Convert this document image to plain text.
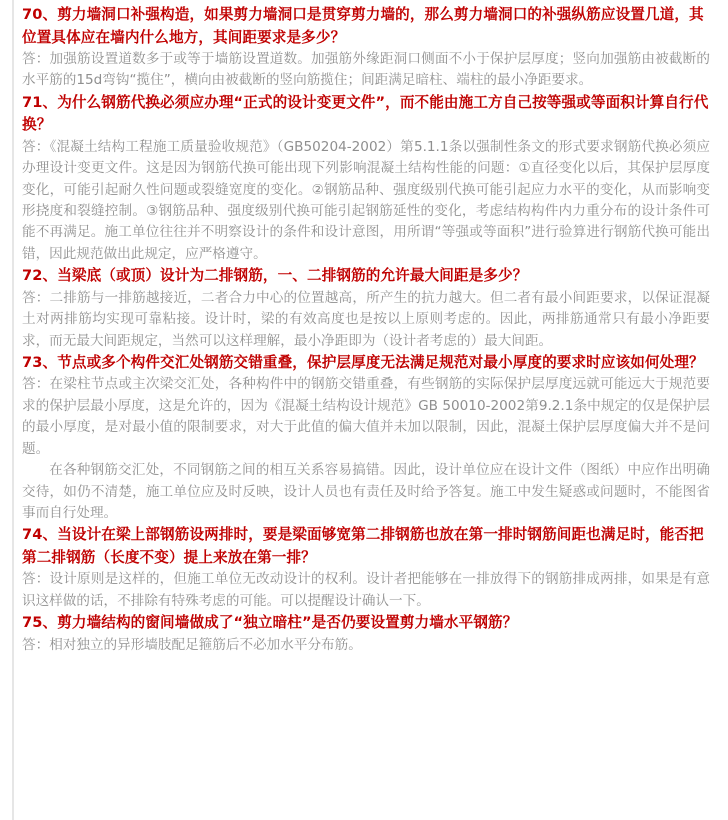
70、剪力墙洞口补强构造，如果剪力墙洞口是贯穿剪力墙的，那么剪力墙洞口的补强纵筋应设置几道，其位置具体应在墙内什么地方，其间距要求是多少？

答：加强筋设置道数多于或等于墙筋设置道数。加强筋外缘距洞口侧面不小于保护层厚度；竖向加强筋由被截断的水平筋的15d弯钩“揽住”，横向由被截断的竖向筋揽住；间距满足暗柱、端柱的最小净距要求。

71、为什么钢筋代换必须应办理“正式的设计变更文件”，而不能由施工方自己按等强或等面积计算自行代换？

答：《混凝土结构工程施工质量验收规范》（GB50204-2002）第5.1.1条以强制性条文的形式要求钢筋代换必须应办理设计变更文件。这是因为钢筋代换可能出现下列影响混凝土结构性能的问题：①直径变化以后，其保护层厚度变化，可能引起耐久性问题或裂缝宽度的变化。②钢筋品种、强度级别代换可能引起应力水平的变化，从而影响变形挠度和裂缝控制。③钢筋品种、强度级别代换可能引起钢筋延性的变化，考虑结构构件内力重分布的设计条件可能不再满足。施工单位往往并不明察设计的条件和设计意图，用所谓“等强或等面积”进行验算进行钢筋代换可能出错，因此规范做出此规定，应严格遵守。

72、当梁底（或顶）设计为二排钢筋，一、二排钢筋的允许最大间距是多少？

答：二排筋与一排筋越接近，二者合力中心的位置越高，所产生的抗力越大。但二者有最小间距要求，以保证混凝土对两排筋均实现可靠粘接。设计时，梁的有效高度也是按以上原则考虑的。因此，两排筋通常只有最小净距要求，而无最大间距规定，当然可以这样理解，最小净距即为（设计者考虑的）最大间距。

73、节点或多个构件交汇处钢筋交错重叠，保护层厚度无法满足规范对最小厚度的要求时应该如何处理？

答：在梁柱节点或主次梁交汇处，各种构件中的钢筋交错重叠，有些钢筋的实际保护层厚度远就可能远大于规范要求的保护层最小厚度，这是允许的，因为《混凝土结构设计规范》GB 50010-2002第9.2.1条中规定的仅是保护层的最小厚度，是对最小值的限制要求，对大于此值的偏大值并未加以限制，因此，混凝土保护层厚度偏大并不是问题。

在各种钢筋交汇处，不同钢筋之间的相互关系容易搞错。因此，设计单位应在设计文件（图纸）中应作出明确交待，如仍不清楚，施工单位应及时反映，设计人员也有责任及时给予答复。施工中发生疑惑或问题时，不能图省事而自行处理。

74、当设计在梁上部钢筋设两排时，要是梁面够宽第二排钢筋也放在第一排时钢筋间距也满足时，能否把第二排钢筋（长度不变）提上来放在第一排？

答：设计原则是这样的，但施工单位无改动设计的权利。设计者把能够在一排放得下的钢筋排成两排，如果是有意识这样做的话，不排除有特殊考虑的可能。可以提醒设计确认一下。

75、剪力墙结构的窗间墙做成了“独立暗柱”是否仍要设置剪力墙水平钢筋？

答：相对独立的异形墙肢配足箍筋后不必加水平分布筋。
